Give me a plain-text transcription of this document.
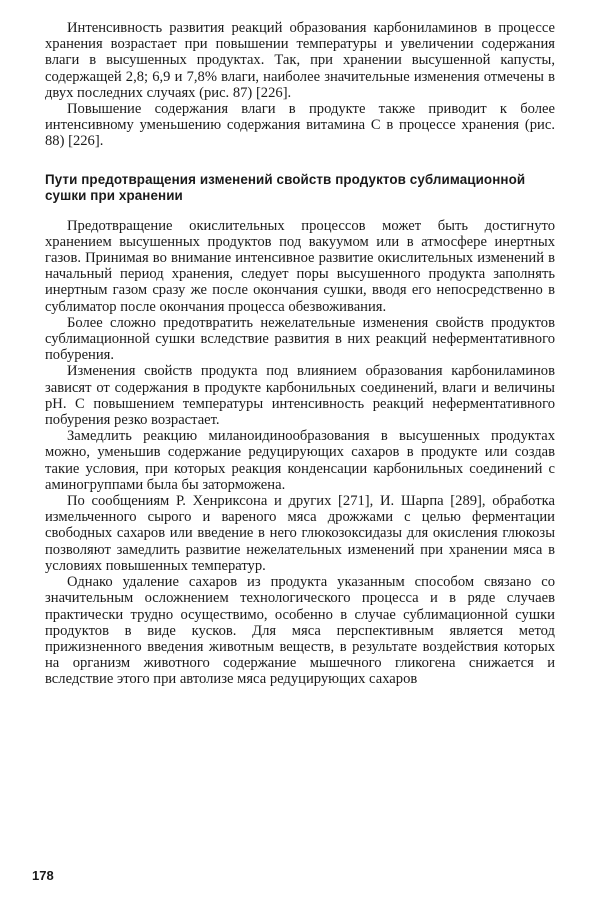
Интенсивность развития реакций образования карбониламинов в процессе хранения возрастает при повышении температуры и увеличении содержания влаги в высушенных продуктах. Так, при хранении высушенной капусты, содержащей 2,8; 6,9 и 7,8% влаги, наиболее значительные изменения отмечены в двух последних случаях (рис. 87) [226].

Повышение содержания влаги в продукте также приводит к более интенсивному уменьшению содержания витамина С в процессе хранения (рис. 88) [226].

Пути предотвращения изменений свойств продуктов сублимационной сушки при хранении

Предотвращение окислительных процессов может быть достигнуто хранением высушенных продуктов под вакуумом или в атмосфере инертных газов. Принимая во внимание интенсивное развитие окислительных изменений в начальный период хранения, следует поры высушенного продукта заполнять инертным газом сразу же после окончания сушки, вводя его непосредственно в сублиматор после окончания процесса обезвоживания.

Более сложно предотвратить нежелательные изменения свойств продуктов сублимационной сушки вследствие развития в них реакций неферментативного побурения.

Изменения свойств продукта под влиянием образования карбониламинов зависят от содержания в продукте карбонильных соединений, влаги и величины рН. С повышением температуры интенсивность реакций неферментативного побурения резко возрастает.

Замедлить реакцию миланоидинообразования в высушенных продуктах можно, уменьшив содержание редуцирующих сахаров в продукте или создав такие условия, при которых реакция конденсации карбонильных соединений с аминогруппами была бы заторможена.

По сообщениям Р. Хенриксона и других [271], И. Шарпа [289], обработка измельченного сырого и вареного мяса дрожжами с целью ферментации свободных сахаров или введение в него глюкозоксидазы для окисления глюкозы позволяют замедлить развитие нежелательных изменений при хранении мяса в условиях повышенных температур.

Однако удаление сахаров из продукта указанным способом связано со значительным осложнением технологического процесса и в ряде случаев практически трудно осуществимо, особенно в случае сублимационной сушки продуктов в виде кусков. Для мяса перспективным является метод прижизненного введения животным веществ, в результате воздействия которых на организм животного содержание мышечного гликогена снижается и вследствие этого при автолизе мяса редуцирующих сахаров

178
